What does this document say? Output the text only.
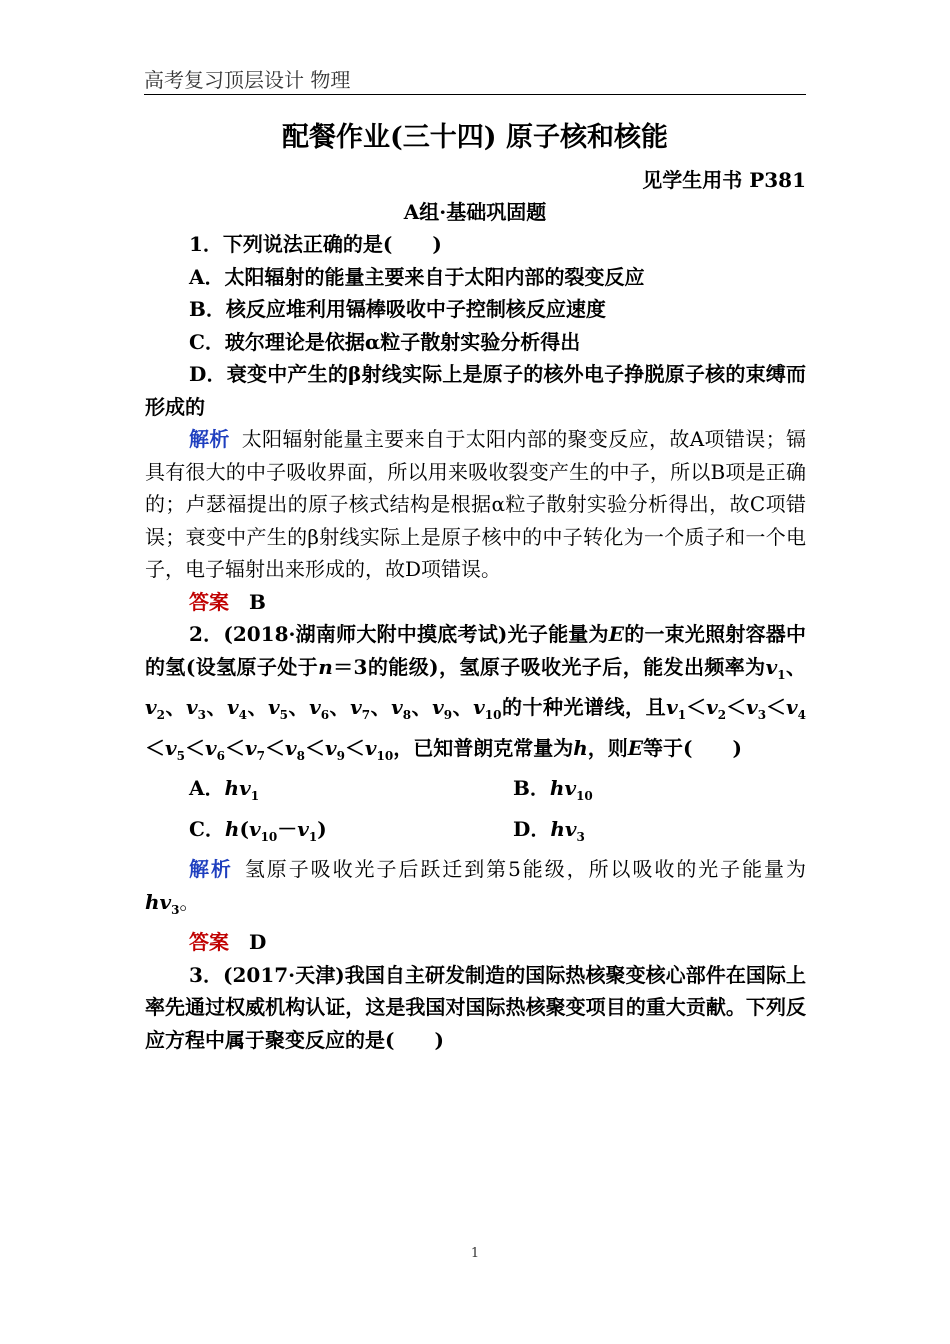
高考复习顶层设计 物理
配餐作业(三十四) 原子核和核能
见学生用书 P381
A组·基础巩固题

1．下列说法正确的是(　　)

A．太阳辐射的能量主要来自于太阳内部的裂变反应

B．核反应堆利用镉棒吸收中子控制核反应速度

C．玻尔理论是依据α粒子散射实验分析得出

D．衰变中产生的β射线实际上是原子的核外电子挣脱原子核的束缚而形成的

解析 太阳辐射能量主要来自于太阳内部的聚变反应，故A项错误；镉具有很大的中子吸收界面，所以用来吸收裂变产生的中子，所以B项是正确的；卢瑟福提出的原子核式结构是根据α粒子散射实验分析得出，故C项错误；衰变中产生的β射线实际上是原子核中的中子转化为一个质子和一个电子，电子辐射出来形成的，故D项错误。

答案 B

2．(2018·湖南师大附中摸底考试)光子能量为E的一束光照射容器中的氢(设氢原子处于n＝3的能级)，氢原子吸收光子后，能发出频率为$v_1$、$v_2$、$v_3$、$v_4$、$v_5$、$v_6$、$v_7$、$v_8$、$v_9$、$v_{10}$的十种光谱线，且$v_1<v_2<v_3<v_4<v_5<v_6<v_7<v_8<v_9<v_{10}$，已知普朗克常量为h，则E等于(　　)

A．$hv_1$	B．$hv_{10}$
C．$h(v_{10}-v_1)$	D．$hv_3$

解析 氢原子吸收光子后跃迁到第5能级，所以吸收的光子能量为$hv_3$。

答案 D

3．(2017·天津)我国自主研发制造的国际热核聚变核心部件在国际上率先通过权威机构认证，这是我国对国际热核聚变项目的重大贡献。下列反应方程中属于聚变反应的是(　　)

1
